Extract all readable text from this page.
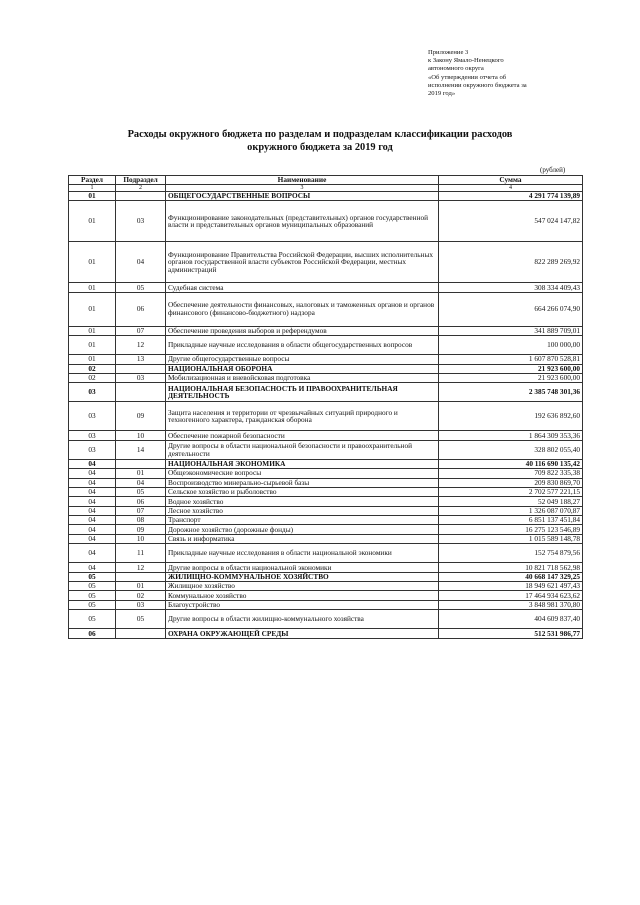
Приложение 3
к Закону Ямало-Ненецкого
автономного округа
«Об утверждении отчета об
исполнении окружного бюджета за
2019 год»
Расходы окружного бюджета по разделам и подразделам классификации расходов
окружного бюджета за 2019 год
(рублей)
Раздел	Подраздел	Наименование	Сумма
1	2	3	4
01		ОБЩЕГОСУДАРСТВЕННЫЕ ВОПРОСЫ	4 291 774 139,89
01	03	Функционирование законодательных (представительных) органов государственной власти и представительных органов муниципальных образований	547 024 147,82
01	04	Функционирование Правительства Российской Федерации, высших исполнительных органов государственной власти субъектов Российской Федерации, местных администраций	822 289 269,92
01	05	Судебная система	308 334 409,43
01	06	Обеспечение деятельности финансовых, налоговых и таможенных органов и органов финансового (финансово-бюджетного) надзора	664 266 074,90
01	07	Обеспечение проведения выборов и референдумов	341 889 709,01
01	12	Прикладные научные исследования в области общегосударственных вопросов	100 000,00
01	13	Другие общегосударственные вопросы	1 607 870 528,81
02		НАЦИОНАЛЬНАЯ ОБОРОНА	21 923 600,00
02	03	Мобилизационная и вневойсковая подготовка	21 923 600,00
03		НАЦИОНАЛЬНАЯ БЕЗОПАСНОСТЬ И ПРАВООХРАНИТЕЛЬНАЯ ДЕЯТЕЛЬНОСТЬ	2 385 748 301,36
03	09	Защита населения и территории от чрезвычайных ситуаций природного и техногенного характера, гражданская оборона	192 636 892,60
03	10	Обеспечение пожарной безопасности	1 864 309 353,36
03	14	Другие вопросы в области национальной безопасности и правоохранительной деятельности	328 802 055,40
04		НАЦИОНАЛЬНАЯ ЭКОНОМИКА	40 116 690 135,42
04	01	Общеэкономические вопросы	709 822 335,38
04	04	Воспроизводство минерально-сырьевой базы	209 830 869,70
04	05	Сельское хозяйство и рыболовство	2 702 577 221,15
04	06	Водное хозяйство	52 049 188,27
04	07	Лесное хозяйство	1 326 087 070,87
04	08	Транспорт	6 851 137 451,84
04	09	Дорожное хозяйство (дорожные фонды)	16 275 123 546,89
04	10	Связь и информатика	1 015 589 148,78
04	11	Прикладные научные исследования в области национальной экономики	152 754 879,56
04	12	Другие вопросы в области национальной экономики	10 821 718 562,98
05		ЖИЛИЩНО-КОММУНАЛЬНОЕ ХОЗЯЙСТВО	40 668 147 329,25
05	01	Жилищное хозяйство	18 949 621 497,43
05	02	Коммунальное хозяйство	17 464 934 623,62
05	03	Благоустройство	3 848 981 370,80
05	05	Другие вопросы в области жилищно-коммунального хозяйства	404 609 837,40
06		ОХРАНА ОКРУЖАЮЩЕЙ СРЕДЫ	512 531 986,77
